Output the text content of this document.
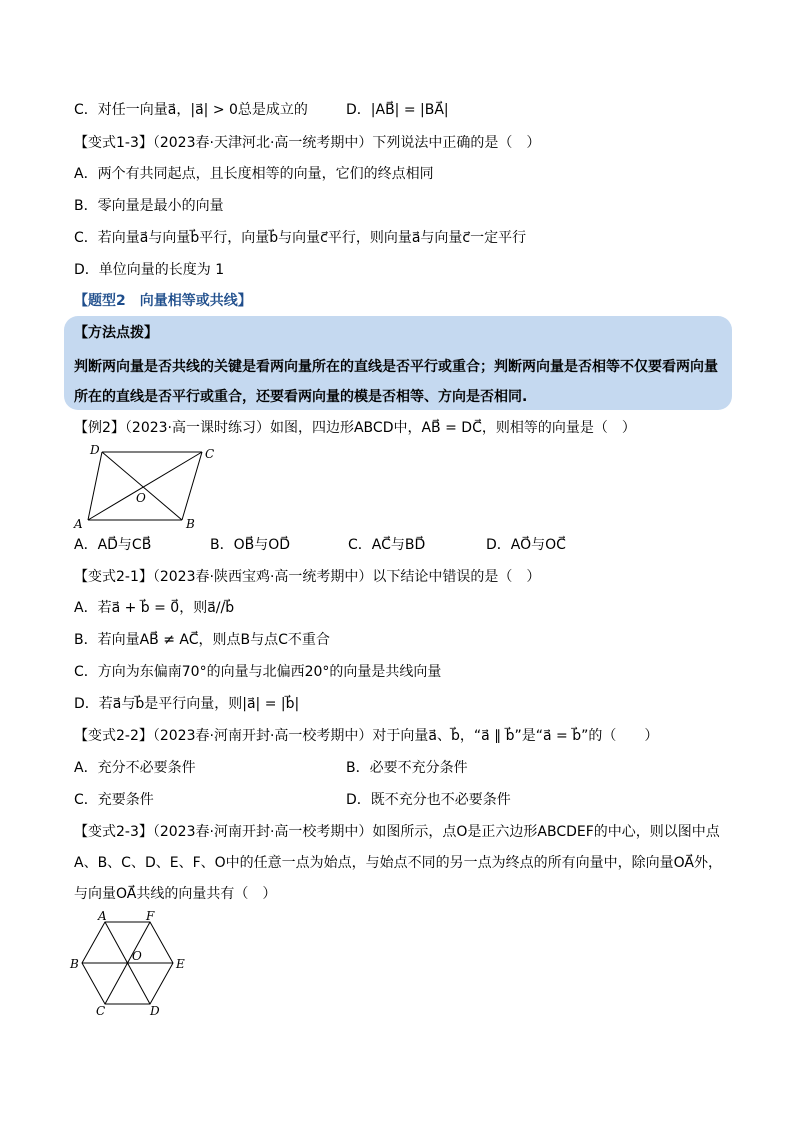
C．对任一向量a⃗，|a⃗| > 0总是成立的	D．|AB⃗| = |BA⃗|
【变式1-3】（2023春·天津河北·高一统考期中）下列说法中正确的是（　）
A．两个有共同起点，且长度相等的向量，它们的终点相同
B．零向量是最小的向量
C．若向量a⃗与向量b⃗平行，向量b⃗与向量c⃗平行，则向量a⃗与向量c⃗一定平行
D．单位向量的长度为 1
【题型2　向量相等或共线】
【方法点拨】
判断两向量是否共线的关键是看两向量所在的直线是否平行或重合；判断两向量是否相等不仅要看两向量所在的直线是否平行或重合，还要看两向量的模是否相等、方向是否相同.
【例2】（2023·高一课时练习）如图，四边形ABCD中，AB⃗ = DC⃗，则相等的向量是（　）
D	C
O
A	B
A．AD⃗与CB⃗	B．OB⃗与OD⃗	C．AC⃗与BD⃗	D．AO⃗与OC⃗
【变式2-1】（2023春·陕西宝鸡·高一统考期中）以下结论中错误的是（　）
A．若a⃗ + b⃗ = 0⃗，则a⃗//b⃗
B．若向量AB⃗ ≠ AC⃗，则点B与点C不重合
C．方向为东偏南70°的向量与北偏西20°的向量是共线向量
D．若a⃗与b⃗是平行向量，则|a⃗| = |b⃗|
【变式2-2】（2023春·河南开封·高一校考期中）对于向量a⃗、b⃗，“a⃗ ∥ b⃗”是“a⃗ = b⃗”的（　　）
A．充分不必要条件	B．必要不充分条件
C．充要条件	D．既不充分也不必要条件
【变式2-3】（2023春·河南开封·高一校考期中）如图所示，点O是正六边形ABCDEF的中心，则以图中点
A、B、C、D、E、F、O中的任意一点为始点，与始点不同的另一点为终点的所有向量中，除向量OA⃗外，
与向量OA⃗共线的向量共有（　）
A	F
B
O
E
C	D
